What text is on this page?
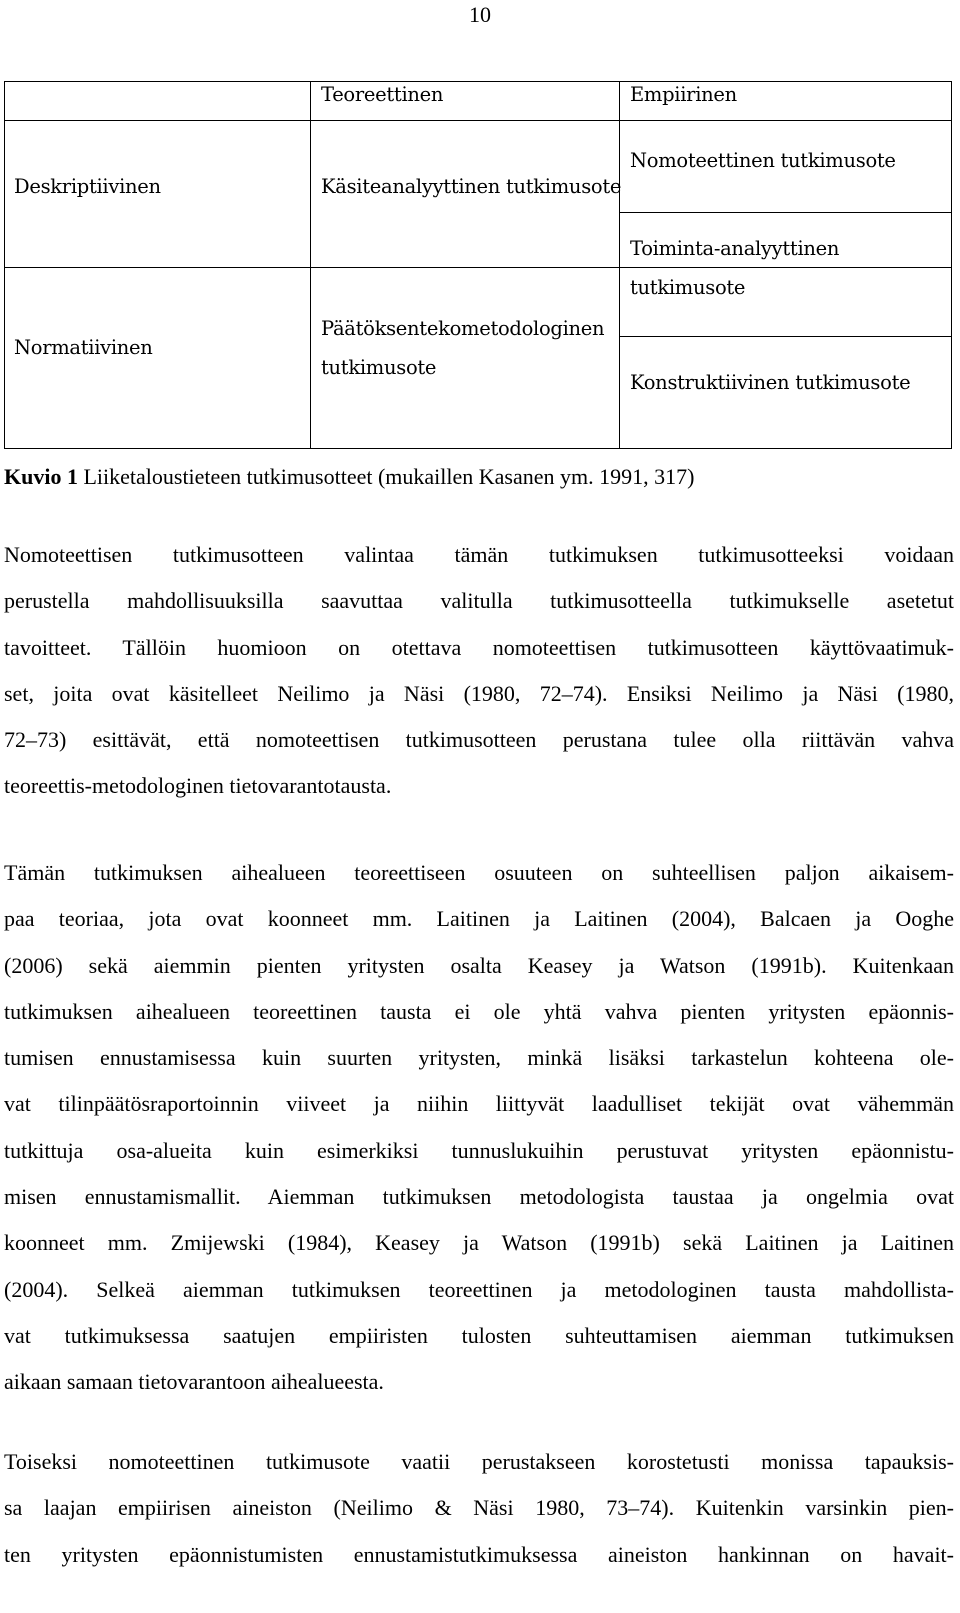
10
Teoreettinen	Empiirinen
Deskriptiivinen
Normatiivinen
Käsiteanalyyttinen tutkimusote
Päätöksentekometodologinen
tutkimusote
Nomoteettinen tutkimusote
Toiminta-analyyttinen
tutkimusote
Konstruktiivinen tutkimusote
Kuvio 1 Liiketaloustieteen tutkimusotteet (mukaillen Kasanen ym. 1991, 317)
Nomoteettisen tutkimusotteen valintaa tämän tutkimuksen tutkimusotteeksi voidaan
perustella mahdollisuuksilla saavuttaa valitulla tutkimusotteella tutkimukselle asetetut
tavoitteet. Tällöin huomioon on otettava nomoteettisen tutkimusotteen käyttövaatimuk-
set, joita ovat käsitelleet Neilimo ja Näsi (1980, 72–74). Ensiksi Neilimo ja Näsi (1980,
72–73) esittävät, että nomoteettisen tutkimusotteen perustana tulee olla riittävän vahva
teoreettis-metodologinen tietovarantotausta.
Tämän tutkimuksen aihealueen teoreettiseen osuuteen on suhteellisen paljon aikaisem-
paa teoriaa, jota ovat koonneet mm. Laitinen ja Laitinen (2004), Balcaen ja Ooghe
(2006) sekä aiemmin pienten yritysten osalta Keasey ja Watson (1991b). Kuitenkaan
tutkimuksen aihealueen teoreettinen tausta ei ole yhtä vahva pienten yritysten epäonnis-
tumisen ennustamisessa kuin suurten yritysten, minkä lisäksi tarkastelun kohteena ole-
vat tilinpäätösraportoinnin viiveet ja niihin liittyvät laadulliset tekijät ovat vähemmän
tutkittuja osa-alueita kuin esimerkiksi tunnuslukuihin perustuvat yritysten epäonnistu-
misen ennustamismallit. Aiemman tutkimuksen metodologista taustaa ja ongelmia ovat
koonneet mm. Zmijewski (1984), Keasey ja Watson (1991b) sekä Laitinen ja Laitinen
(2004). Selkeä aiemman tutkimuksen teoreettinen ja metodologinen tausta mahdollista-
vat tutkimuksessa saatujen empiiristen tulosten suhteuttamisen aiemman tutkimuksen
aikaan samaan tietovarantoon aihealueesta.
Toiseksi nomoteettinen tutkimusote vaatii perustakseen korostetusti monissa tapauksis-
sa laajan empiirisen aineiston (Neilimo & Näsi 1980, 73–74). Kuitenkin varsinkin pien-
ten yritysten epäonnistumisten ennustamistutkimuksessa aineiston hankinnan on havait-
